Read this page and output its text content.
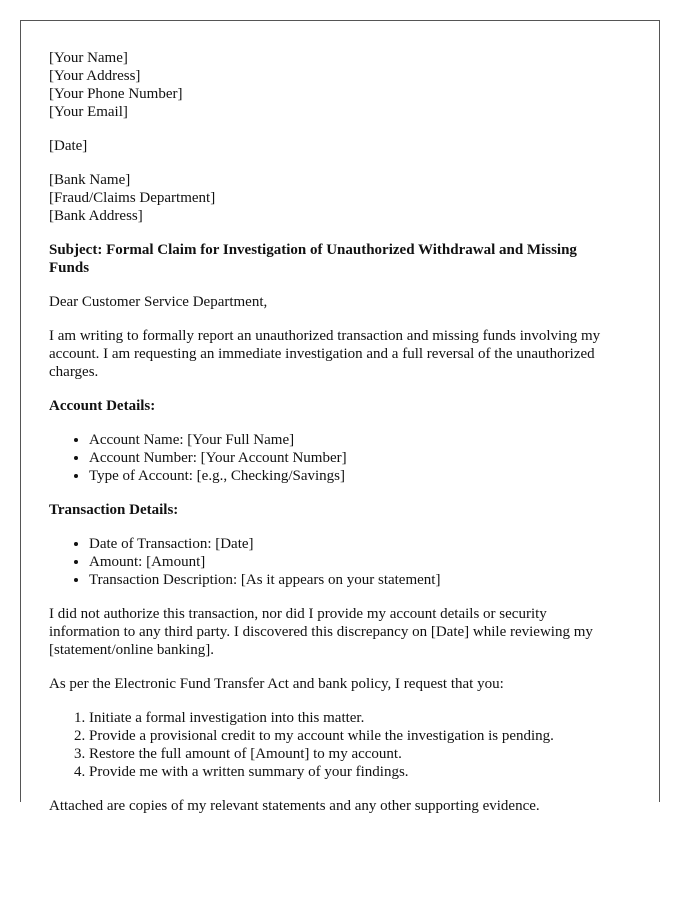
[Your Name]
[Your Address]
[Your Phone Number]
[Your Email]
[Date]
[Bank Name]
[Fraud/Claims Department]
[Bank Address]
Subject: Formal Claim for Investigation of Unauthorized Withdrawal and Missing Funds

Dear Customer Service Department,

I am writing to formally report an unauthorized transaction and missing funds involving my account. I am requesting an immediate investigation and a full reversal of the unauthorized charges.

Account Details:
• Account Name: [Your Full Name]
• Account Number: [Your Account Number]
• Type of Account: [e.g., Checking/Savings]
Transaction Details:
• Date of Transaction: [Date]
• Amount: [Amount]
• Transaction Description: [As it appears on your statement]

I did not authorize this transaction, nor did I provide my account details or security information to any third party. I discovered this discrepancy on [Date] while reviewing my [statement/online banking].

As per the Electronic Fund Transfer Act and bank policy, I request that you:

1. Initiate a formal investigation into this matter.
2. Provide a provisional credit to my account while the investigation is pending.
3. Restore the full amount of [Amount] to my account.
4. Provide me with a written summary of your findings.

Attached are copies of my relevant statements and any other supporting evidence.
